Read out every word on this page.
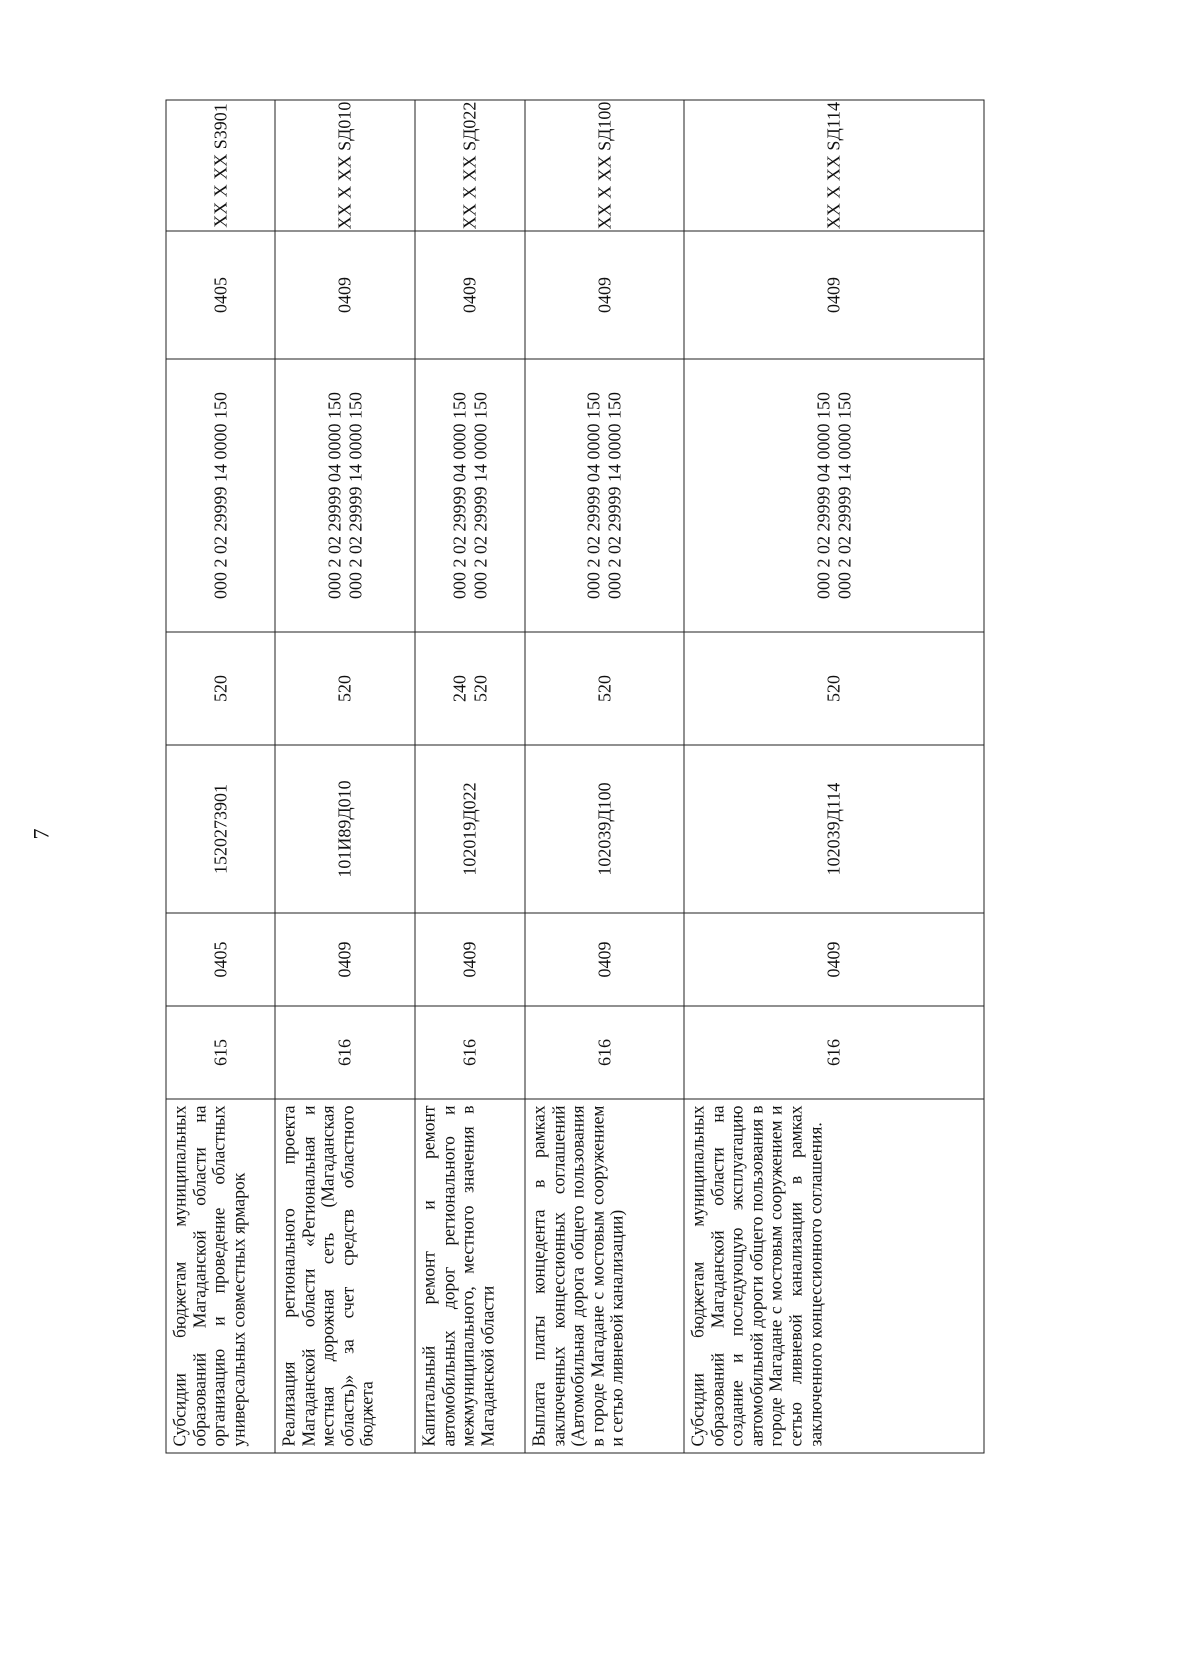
7
Субсидии бюджетам муниципальных образований Магаданской области на организацию и проведение областных универсальных совместных ярмарок	615	0405	1520273901	520	000 2 02 29999 14 0000 150	0405	XX X XX S3901
Реализация регионального проекта Магаданской области «Региональная и местная дорожная сеть (Магаданская область)» за счет средств областного бюджета	616	0409	101И89Д010	520	000 2 02 29999 04 0000 150 000 2 02 29999 14 0000 150	0409	XX X XX SД010
Капитальный ремонт и ремонт автомобильных дорог регионального и межмуниципального, местного значения в Магаданской области	616	0409	102019Д022	240 520	000 2 02 29999 04 0000 150 000 2 02 29999 14 0000 150	0409	XX X XX SД022
Выплата платы концедента в рамках заключенных концессионных соглашений (Автомобильная дорога общего пользования в городе Магадане с мостовым сооружением и сетью ливневой канализации)	616	0409	102039Д100	520	000 2 02 29999 04 0000 150 000 2 02 29999 14 0000 150	0409	XX X XX SД100
Субсидии бюджетам муниципальных образований Магаданской области на создание и последующую эксплуатацию автомобильной дороги общего пользования в городе Магадане с мостовым сооружением и сетью ливневой канализации в рамках заключенного концессионного соглашения.	616	0409	102039Д114	520	000 2 02 29999 04 0000 150 000 2 02 29999 14 0000 150	0409	XX X XX SД114
